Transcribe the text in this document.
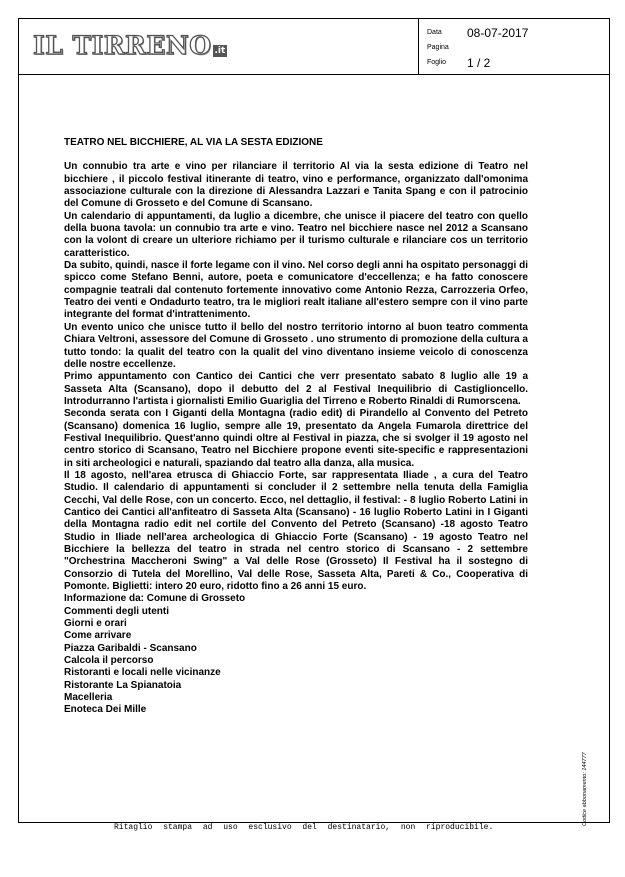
IL TIRRENO .it
Data 08-07-2017
Pagina
Foglio 1 / 2
TEATRO NEL BICCHIERE, AL VIA LA SESTA EDIZIONE

Un connubio tra arte e vino per rilanciare il territorio Al via la sesta edizione di Teatro nel bicchiere , il piccolo festival itinerante di teatro, vino e performance, organizzato dall'omonima associazione culturale con la direzione di Alessandra Lazzari e Tanita Spang e con il patrocinio del Comune di Grosseto e del Comune di Scansano.

Un calendario di appuntamenti, da luglio a dicembre, che unisce il piacere del teatro con quello della buona tavola: un connubio tra arte e vino. Teatro nel bicchiere nasce nel 2012 a Scansano con la volont di creare un ulteriore richiamo per il turismo culturale e rilanciare cos un territorio caratteristico.

Da subito, quindi, nasce il forte legame con il vino. Nel corso degli anni ha ospitato personaggi di spicco come Stefano Benni, autore, poeta e comunicatore d'eccellenza; e ha fatto conoscere compagnie teatrali dal contenuto fortemente innovativo come Antonio Rezza, Carrozzeria Orfeo, Teatro dei venti e Ondadurto teatro, tra le migliori realt italiane all'estero sempre con il vino parte integrante del format d'intrattenimento.

Un evento unico che unisce tutto il bello del nostro territorio intorno al buon teatro commenta Chiara Veltroni, assessore del Comune di Grosseto . uno strumento di promozione della cultura a tutto tondo: la qualit del teatro con la qualit del vino diventano insieme veicolo di conoscenza delle nostre eccellenze.

Primo appuntamento con Cantico dei Cantici che verr presentato sabato 8 luglio alle 19 a Sasseta Alta (Scansano), dopo il debutto del 2 al Festival Inequilibrio di Castiglioncello. Introdurranno l'artista i giornalisti Emilio Guariglia del Tirreno e Roberto Rinaldi di Rumorscena.

Seconda serata con I Giganti della Montagna (radio edit) di Pirandello al Convento del Petreto (Scansano) domenica 16 luglio, sempre alle 19, presentato da Angela Fumarola direttrice del Festival Inequilibrio. Quest'anno quindi oltre al Festival in piazza, che si svolger il 19 agosto nel centro storico di Scansano, Teatro nel Bicchiere propone eventi site-specific e rappresentazioni in siti archeologici e naturali, spaziando dal teatro alla danza, alla musica.

Il 18 agosto, nell'area etrusca di Ghiaccio Forte, sar rappresentata Iliade , a cura del Teatro Studio. Il calendario di appuntamenti si concluder il 2 settembre nella tenuta della Famiglia Cecchi, Val delle Rose, con un concerto. Ecco, nel dettaglio, il festival: - 8 luglio Roberto Latini in Cantico dei Cantici all'anfiteatro di Sasseta Alta (Scansano) - 16 luglio Roberto Latini in I Giganti della Montagna radio edit nel cortile del Convento del Petreto (Scansano) -18 agosto Teatro Studio in Iliade nell'area archeologica di Ghiaccio Forte (Scansano) - 19 agosto Teatro nel Bicchiere la bellezza del teatro in strada nel centro storico di Scansano - 2 settembre "Orchestrina Maccheroni Swing" a Val delle Rose (Grosseto) Il Festival ha il sostegno di Consorzio di Tutela del Morellino, Val delle Rose, Sasseta Alta, Pareti & Co., Cooperativa di Pomonte. Biglietti: intero 20 euro, ridotto fino a 26 anni 15 euro.

Informazione da: Comune di Grosseto

Commenti degli utenti

Giorni e orari

Come arrivare

Piazza Garibaldi - Scansano

Calcola il percorso

Ristoranti e locali nelle vicinanze

Ristorante La Spianatoia

Macelleria

Enoteca Dei Mille

Codice abbonamento: 144777
Ritaglio stampa ad uso esclusivo del destinatario, non riproducibile.
